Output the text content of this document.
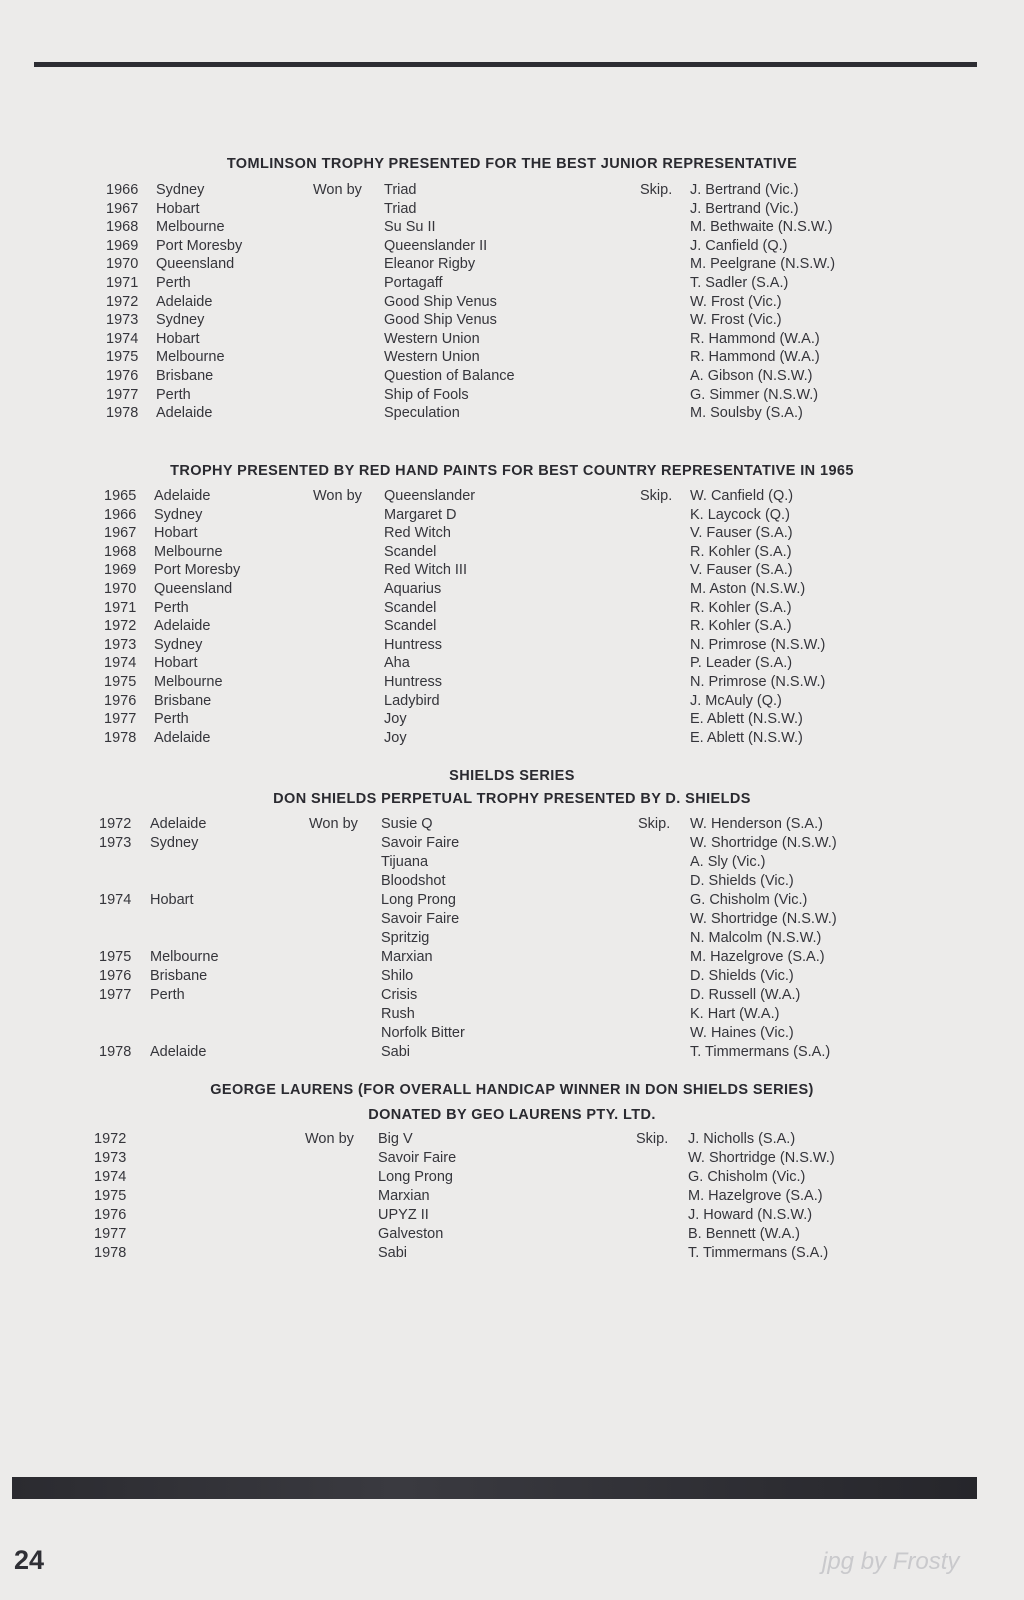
TOMLINSON TROPHY PRESENTED FOR THE BEST JUNIOR REPRESENTATIVE
1966 Sydney	Won by Triad	Skip. J. Bertrand (Vic.)
1967 Hobart	Triad	J. Bertrand (Vic.)
1968 Melbourne	Su Su II	M. Bethwaite (N.S.W.)
1969 Port Moresby	Queenslander II	J. Canfield (Q.)
1970 Queensland	Eleanor Rigby	M. Peelgrane (N.S.W.)
1971 Perth	Portagaff	T. Sadler (S.A.)
1972 Adelaide	Good Ship Venus	W. Frost (Vic.)
1973 Sydney	Good Ship Venus	W. Frost (Vic.)
1974 Hobart	Western Union	R. Hammond (W.A.)
1975 Melbourne	Western Union	R. Hammond (W.A.)
1976 Brisbane	Question of Balance	A. Gibson (N.S.W.)
1977 Perth	Ship of Fools	G. Simmer (N.S.W.)
1978 Adelaide	Speculation	M. Soulsby (S.A.)
TROPHY PRESENTED BY RED HAND PAINTS FOR BEST COUNTRY REPRESENTATIVE IN 1965
1965 Adelaide	Won by Queenslander	Skip. W. Canfield (Q.)
1966 Sydney	Margaret D	K. Laycock (Q.)
1967 Hobart	Red Witch	V. Fauser (S.A.)
1968 Melbourne	Scandel	R. Kohler (S.A.)
1969 Port Moresby	Red Witch III	V. Fauser (S.A.)
1970 Queensland	Aquarius	M. Aston (N.S.W.)
1971 Perth	Scandel	R. Kohler (S.A.)
1972 Adelaide	Scandel	R. Kohler (S.A.)
1973 Sydney	Huntress	N. Primrose (N.S.W.)
1974 Hobart	Aha	P. Leader (S.A.)
1975 Melbourne	Huntress	N. Primrose (N.S.W.)
1976 Brisbane	Ladybird	J. McAuly (Q.)
1977 Perth	Joy	E. Ablett (N.S.W.)
1978 Adelaide	Joy	E. Ablett (N.S.W.)
SHIELDS SERIES
DON SHIELDS PERPETUAL TROPHY PRESENTED BY D. SHIELDS
1972 Adelaide	Won by Susie Q	Skip. W. Henderson (S.A.)
1973 Sydney	Savoir Faire	W. Shortridge (N.S.W.)
Tijuana	A. Sly (Vic.)
Bloodshot	D. Shields (Vic.)
1974 Hobart	Long Prong	G. Chisholm (Vic.)
Savoir Faire	W. Shortridge (N.S.W.)
Spritzig	N. Malcolm (N.S.W.)
1975 Melbourne	Marxian	M. Hazelgrove (S.A.)
1976 Brisbane	Shilo	D. Shields (Vic.)
1977 Perth	Crisis	D. Russell (W.A.)
Rush	K. Hart (W.A.)
Norfolk Bitter	W. Haines (Vic.)
1978 Adelaide	Sabi	T. Timmermans (S.A.)
GEORGE LAURENS (FOR OVERALL HANDICAP WINNER IN DON SHIELDS SERIES)
DONATED BY GEO LAURENS PTY. LTD.
1972	Won by Big V	Skip. J. Nicholls (S.A.)
1973	Savoir Faire	W. Shortridge (N.S.W.)
1974	Long Prong	G. Chisholm (Vic.)
1975	Marxian	M. Hazelgrove (S.A.)
1976	UPYZ II	J. Howard (N.S.W.)
1977	Galveston	B. Bennett (W.A.)
1978	Sabi	T. Timmermans (S.A.)
24	jpg by Frosty
